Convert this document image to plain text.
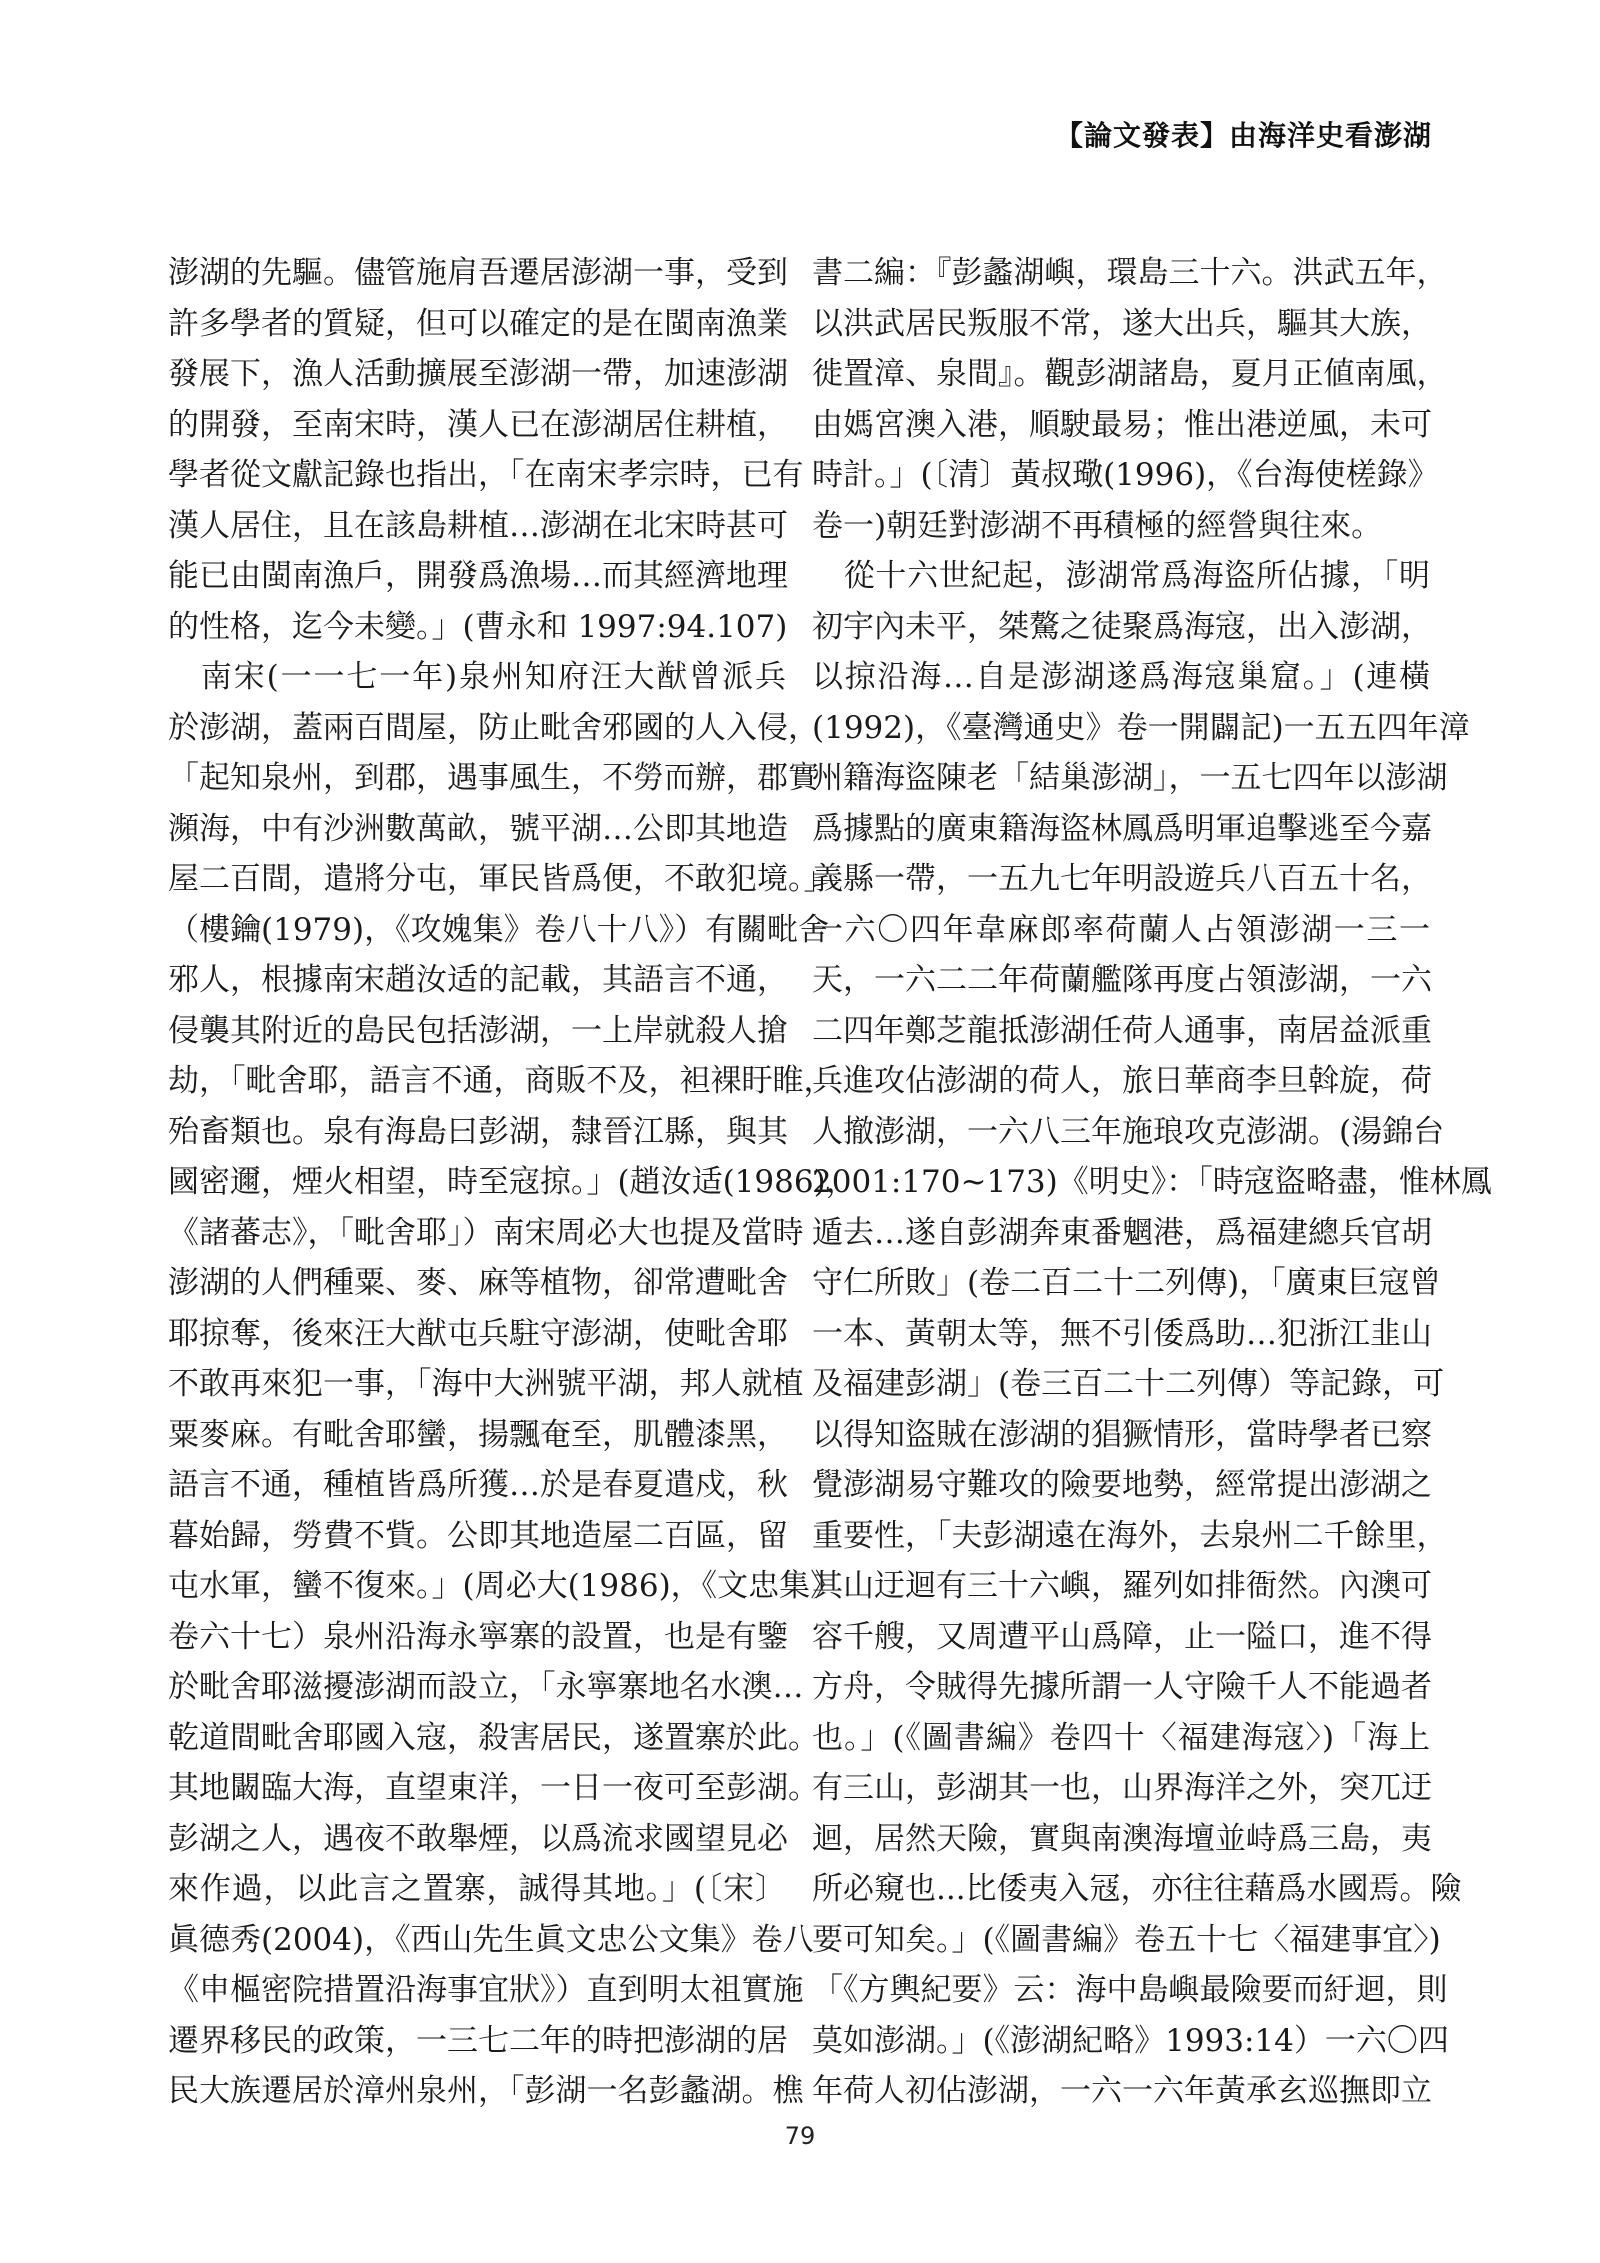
【論文發表】由海洋史看澎湖
澎湖的先驅。儘管施肩吾遷居澎湖一事，受到
許多學者的質疑，但可以確定的是在閩南漁業
發展下，漁人活動擴展至澎湖一帶，加速澎湖
的開發，至南宋時，漢人已在澎湖居住耕植，
學者從文獻記錄也指出，「在南宋孝宗時，已有
漢人居住，且在該島耕植…澎湖在北宋時甚可
能已由閩南漁戶，開發爲漁場…而其經濟地理
的性格，迄今未變。」(曹永和 1997:94.107)
　南宋(一一七一年)泉州知府汪大猷曾派兵
於澎湖，蓋兩百間屋，防止毗舍邪國的人入侵，
「起知泉州，到郡，遇事風生，不勞而辦，郡實
瀕海，中有沙洲數萬畝，號平湖…公即其地造
屋二百間，遣將分屯，軍民皆爲便，不敢犯境。」
（樓鑰(1979)，《攻媿集》卷八十八》）有關毗舍
邪人，根據南宋趙汝适的記載，其語言不通，
侵襲其附近的島民包括澎湖，一上岸就殺人搶
劫，「毗舍耶，語言不通，商販不及，袒裸盱睢，
殆畜類也。泉有海島曰彭湖，隸晉江縣，與其
國密邇，煙火相望，時至寇掠。」(趙汝适(1986)，
《諸蕃志》，「毗舍耶」）南宋周必大也提及當時
澎湖的人們種粟、麥、麻等植物，卻常遭毗舍
耶掠奪，後來汪大猷屯兵駐守澎湖，使毗舍耶
不敢再來犯一事，「海中大洲號平湖，邦人就植
粟麥麻。有毗舍耶蠻，揚飄奄至，肌體漆黑，
語言不通，種植皆爲所獲…於是春夏遣戍，秋
暮始歸，勞費不貲。公即其地造屋二百區，留
屯水軍，蠻不復來。」(周必大(1986)，《文忠集》
卷六十七）泉州沿海永寧寨的設置，也是有鑒
於毗舍耶滋擾澎湖而設立，「永寧寨地名水澳…
乾道間毗舍耶國入寇，殺害居民，遂置寨於此。
其地闞臨大海，直望東洋，一日一夜可至彭湖。
彭湖之人，遇夜不敢舉煙，以爲流求國望見必
來作過，以此言之置寨，誠得其地。」(〔宋〕
眞德秀(2004)，《西山先生眞文忠公文集》卷八
《申樞密院措置沿海事宜狀》）直到明太祖實施
遷界移民的政策，一三七二年的時把澎湖的居
民大族遷居於漳州泉州，「彭湖一名彭蠡湖。樵
書二編：『彭蠡湖嶼，環島三十六。洪武五年，
以洪武居民叛服不常，遂大出兵，驅其大族，
徙置漳、泉間』。觀彭湖諸島，夏月正値南風，
由媽宮澳入港，順駛最易；惟出港逆風，未可
時計。」(〔清〕黃叔璥(1996)，《台海使槎錄》
卷一)朝廷對澎湖不再積極的經營與往來。
　從十六世紀起，澎湖常爲海盜所佔據，「明
初宇內未平，桀驁之徒聚爲海寇，出入澎湖，
以掠沿海…自是澎湖遂爲海寇巢窟。」(連橫
(1992)，《臺灣通史》卷一開闢記)一五五四年漳
州籍海盜陳老「結巢澎湖」，一五七四年以澎湖
爲據點的廣東籍海盜林鳳爲明軍追擊逃至今嘉
義縣一帶，一五九七年明設遊兵八百五十名，
一六〇四年韋麻郎率荷蘭人占領澎湖一三一
天，一六二二年荷蘭艦隊再度占領澎湖，一六
二四年鄭芝龍抵澎湖任荷人通事，南居益派重
兵進攻佔澎湖的荷人，旅日華商李旦斡旋，荷
人撤澎湖，一六八三年施琅攻克澎湖。(湯錦台
2001:170~173)《明史》：「時寇盜略盡，惟林鳳
遁去…遂自彭湖奔東番魍港，爲福建總兵官胡
守仁所敗」(卷二百二十二列傳)，「廣東巨寇曾
一本、黃朝太等，無不引倭爲助…犯浙江韭山
及福建彭湖」(卷三百二十二列傳）等記錄，可
以得知盜賊在澎湖的猖獗情形，當時學者已察
覺澎湖易守難攻的險要地勢，經常提出澎湖之
重要性，「夫彭湖遠在海外，去泉州二千餘里，
其山迂迴有三十六嶼，羅列如排衙然。內澳可
容千艘，又周遭平山爲障，止一隘口，進不得
方舟，令賊得先據所謂一人守險千人不能過者
也。」(《圖書編》卷四十〈福建海寇〉)「海上
有三山，彭湖其一也，山界海洋之外，突兀迂
迴，居然天險，實與南澳海壇並峙爲三島，夷
所必窺也...比倭夷入冦，亦往往藉爲水國焉。險
要可知矣。」(《圖書編》卷五十七〈福建事宜〉)
「《方輿紀要》云：海中島嶼最險要而紆迴，則
莫如澎湖。」(《澎湖紀略》1993:14）一六〇四
年荷人初佔澎湖，一六一六年黃承玄巡撫即立
79
